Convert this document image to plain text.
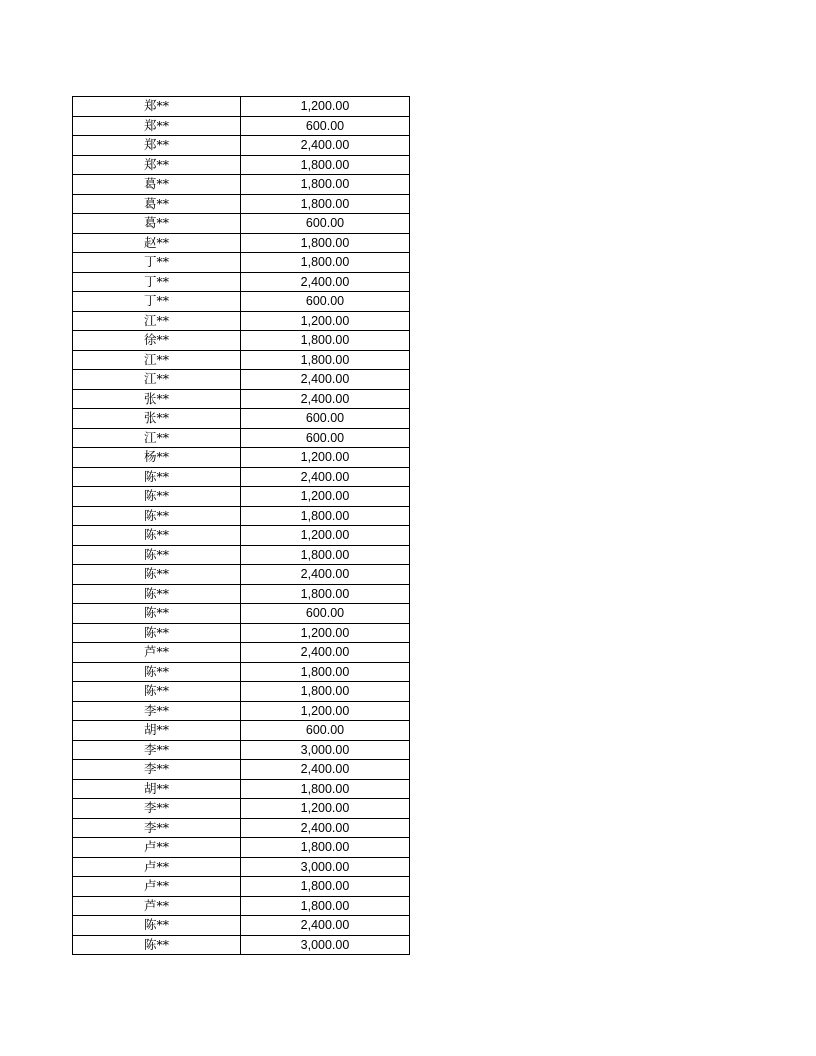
郑**	1,200.00
郑**	600.00
郑**	2,400.00
郑**	1,800.00
葛**	1,800.00
葛**	1,800.00
葛**	600.00
赵**	1,800.00
丁**	1,800.00
丁**	2,400.00
丁**	600.00
江**	1,200.00
徐**	1,800.00
江**	1,800.00
江**	2,400.00
张**	2,400.00
张**	600.00
江**	600.00
杨**	1,200.00
陈**	2,400.00
陈**	1,200.00
陈**	1,800.00
陈**	1,200.00
陈**	1,800.00
陈**	2,400.00
陈**	1,800.00
陈**	600.00
陈**	1,200.00
芦**	2,400.00
陈**	1,800.00
陈**	1,800.00
李**	1,200.00
胡**	600.00
李**	3,000.00
李**	2,400.00
胡**	1,800.00
李**	1,200.00
李**	2,400.00
卢**	1,800.00
卢**	3,000.00
卢**	1,800.00
芦**	1,800.00
陈**	2,400.00
陈**	3,000.00
